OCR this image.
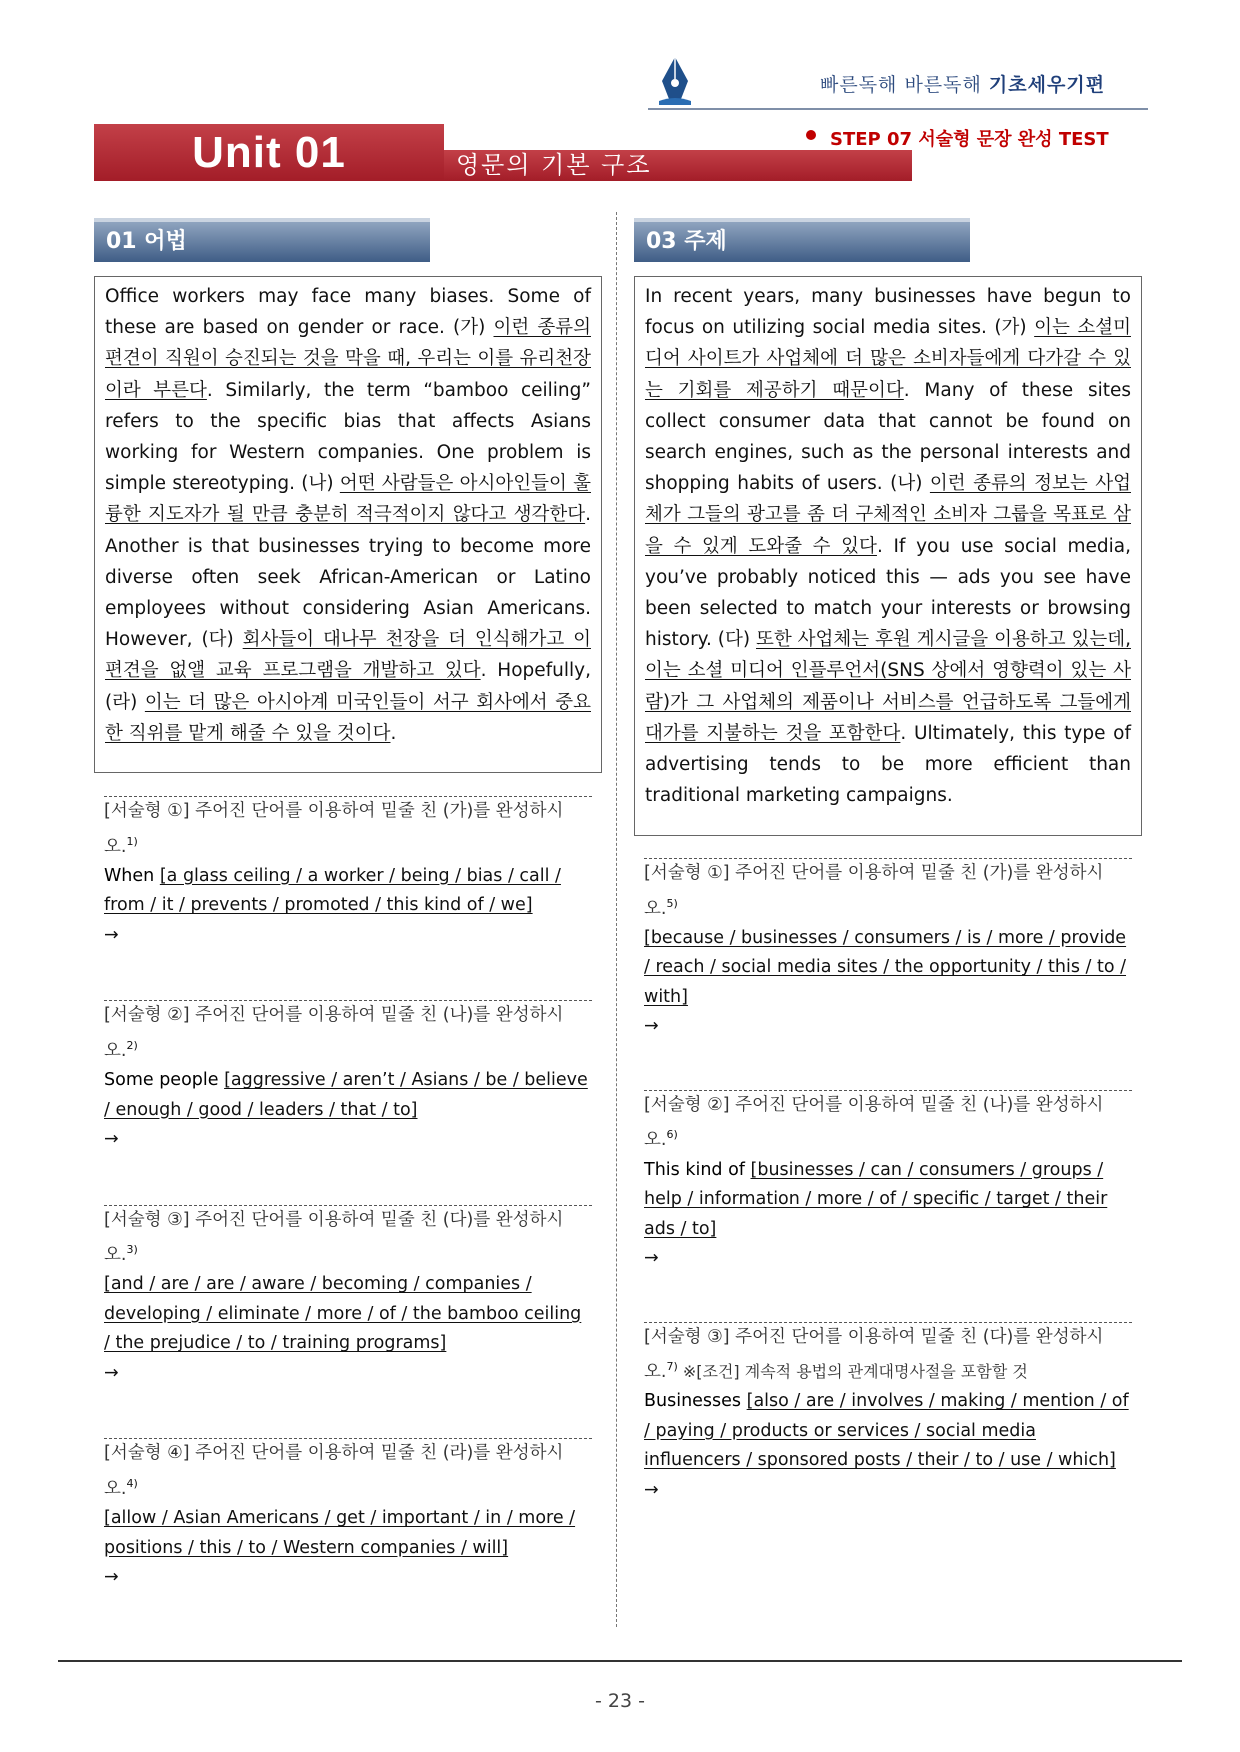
빠른독해 바른독해 기초세우기편
STEP 07 서술형 문장 완성 TEST
Unit 01	영문의 기본 구조
01 어법
Office workers may face many biases. Some of these are based on gender or race. (가) 이런 종류의 편견이 직원이 승진되는 것을 막을 때, 우리는 이를 유리천장이라 부른다. Similarly, the term “bamboo ceiling” refers to the specific bias that affects Asians working for Western companies. One problem is simple stereotyping. (나) 어떤 사람들은 아시아인들이 훌륭한 지도자가 될 만큼 충분히 적극적이지 않다고 생각한다. Another is that businesses trying to become more diverse often seek African-American or Latino employees without considering Asian Americans. However, (다) 회사들이 대나무 천장을 더 인식해가고 이 편견을 없앨 교육 프로그램을 개발하고 있다. Hopefully, (라) 이는 더 많은 아시아계 미국인들이 서구 회사에서 중요한 직위를 맡게 해줄 수 있을 것이다.
[서술형 ①] 주어진 단어를 이용하여 밑줄 친 (가)를 완성하시오.$^{1)}$
When [a glass ceiling / a worker / being / bias / call / from / it / prevents / promoted / this kind of / we]
→
[서술형 ②] 주어진 단어를 이용하여 밑줄 친 (나)를 완성하시오.$^{2)}$
Some people [aggressive / aren’t / Asians / be / believe / enough / good / leaders / that / to]
→
[서술형 ③] 주어진 단어를 이용하여 밑줄 친 (다)를 완성하시오.$^{3)}$
[and / are / are / aware / becoming / companies / developing / eliminate / more / of / the bamboo ceiling / the prejudice / to / training programs]
→
[서술형 ④] 주어진 단어를 이용하여 밑줄 친 (라)를 완성하시오.$^{4)}$
[allow / Asian Americans / get / important / in / more / positions / this / to / Western companies / will]
→
03 주제
In recent years, many businesses have begun to focus on utilizing social media sites. (가) 이는 소셜미디어 사이트가 사업체에 더 많은 소비자들에게 다가갈 수 있는 기회를 제공하기 때문이다. Many of these sites collect consumer data that cannot be found on search engines, such as the personal interests and shopping habits of users. (나) 이런 종류의 정보는 사업체가 그들의 광고를 좀 더 구체적인 소비자 그룹을 목표로 삼을 수 있게 도와줄 수 있다. If you use social media, you’ve probably noticed this — ads you see have been selected to match your interests or browsing history. (다) 또한 사업체는 후원 게시글을 이용하고 있는데, 이는 소셜 미디어 인플루언서(SNS 상에서 영향력이 있는 사람)가 그 사업체의 제품이나 서비스를 언급하도록 그들에게 대가를 지불하는 것을 포함한다. Ultimately, this type of advertising tends to be more efficient than traditional marketing campaigns.
[서술형 ①] 주어진 단어를 이용하여 밑줄 친 (가)를 완성하시오.$^{5)}$
[because / businesses / consumers / is / more / provide / reach / social media sites / the opportunity / this / to / with]
→
[서술형 ②] 주어진 단어를 이용하여 밑줄 친 (나)를 완성하시오.$^{6)}$
This kind of [businesses / can / consumers / groups / help / information / more / of / specific / target / their ads / to]
→
[서술형 ③] 주어진 단어를 이용하여 밑줄 친 (다)를 완성하시오.$^{7)}$ ※[조건] 계속적 용법의 관계대명사절을 포함할 것
Businesses [also / are / involves / making / mention / of / paying / products or services / social media influencers / sponsored posts / their / to / use / which]
→
- 23 -
